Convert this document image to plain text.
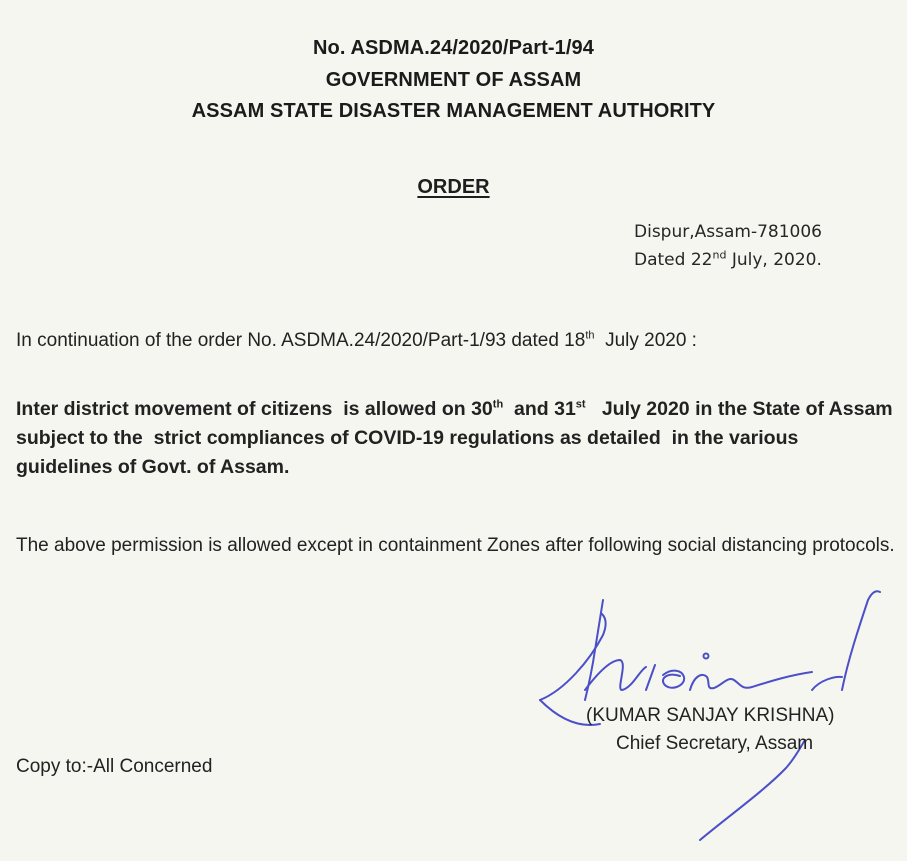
No. ASDMA.24/2020/Part-1/94
GOVERNMENT OF ASSAM
ASSAM STATE DISASTER MANAGEMENT AUTHORITY
ORDER
Dispur,Assam-781006
Dated 22nd July, 2020.
In continuation of the order No. ASDMA.24/2020/Part-1/93 dated 18th  July 2020 :
Inter district movement of citizens  is allowed on 30th  and 31st   July 2020 in the State of Assam subject to the  strict compliances of COVID-19 regulations as detailed  in the various guidelines of Govt. of Assam.
The above permission is allowed except in containment Zones after following social distancing protocols.
Copy to:-All Concerned
(KUMAR SANJAY KRISHNA)
Chief Secretary, Assam
